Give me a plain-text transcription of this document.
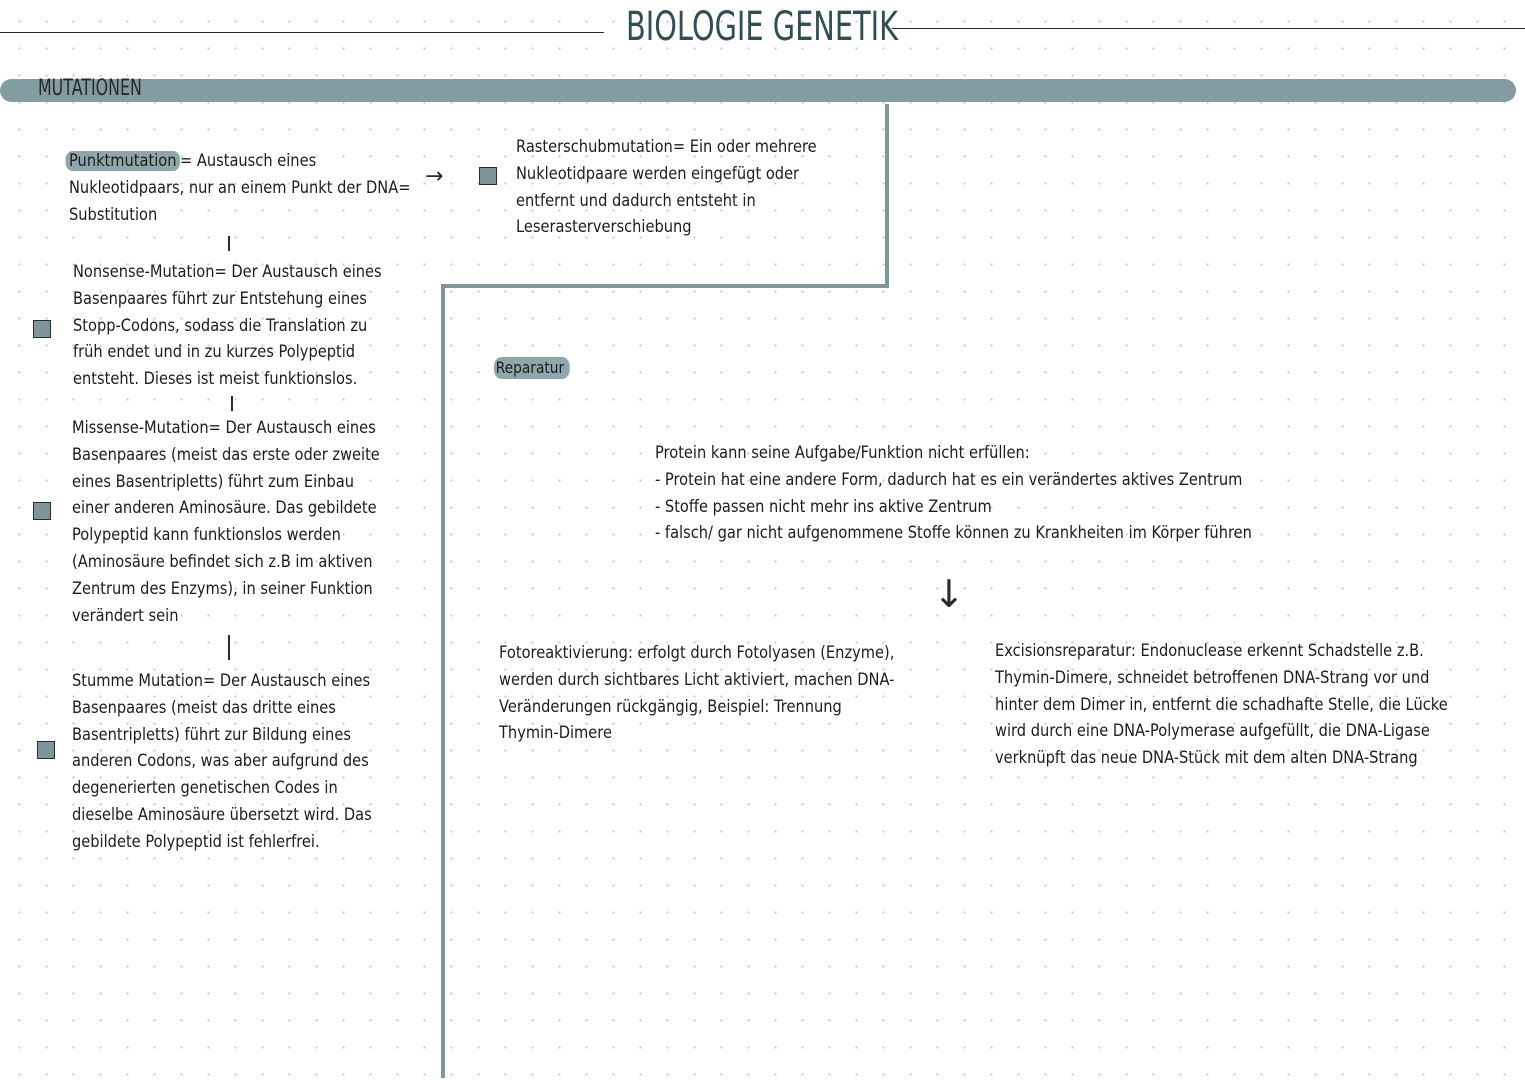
BIOLOGIE GENETIK
MUTATIONEN
Punktmutation = Austausch eines
Nukleotidpaars, nur an einem Punkt der DNA=
Substitution
Nonsense-Mutation= Der Austausch eines
Basenpaares führt zur Entstehung eines
Stopp-Codons, sodass die Translation zu
früh endet und in zu kurzes Polypeptid
entsteht. Dieses ist meist funktionslos.
Missense-Mutation= Der Austausch eines
Basenpaares (meist das erste oder zweite
eines Basentripletts) führt zum Einbau
einer anderen Aminosäure. Das gebildete
Polypeptid kann funktionslos werden
(Aminosäure befindet sich z.B im aktiven
Zentrum des Enzyms), in seiner Funktion
verändert sein
Stumme Mutation= Der Austausch eines
Basenpaares (meist das dritte eines
Basentripletts) führt zur Bildung eines
anderen Codons, was aber aufgrund des
degenerierten genetischen Codes in
dieselbe Aminosäure übersetzt wird. Das
gebildete Polypeptid ist fehlerfrei.
→
Rasterschubmutation= Ein oder mehrere
Nukleotidpaare werden eingefügt oder
entfernt und dadurch entsteht in
Leserasterverschiebung
Reparatur
Protein kann seine Aufgabe/Funktion nicht erfüllen:
- Protein hat eine andere Form, dadurch hat es ein verändertes aktives Zentrum
- Stoffe passen nicht mehr ins aktive Zentrum
- falsch/ gar nicht aufgenommene Stoffe können zu Krankheiten im Körper führen
↓
Fotoreaktivierung: erfolgt durch Fotolyasen (Enzyme),
werden durch sichtbares Licht aktiviert, machen DNA-
Veränderungen rückgängig, Beispiel: Trennung
Thymin-Dimere
Excisionsreparatur: Endonuclease erkennt Schadstelle z.B.
Thymin-Dimere, schneidet betroffenen DNA-Strang vor und
hinter dem Dimer in, entfernt die schadhafte Stelle, die Lücke
wird durch eine DNA-Polymerase aufgefüllt, die DNA-Ligase
verknüpft das neue DNA-Stück mit dem alten DNA-Strang
